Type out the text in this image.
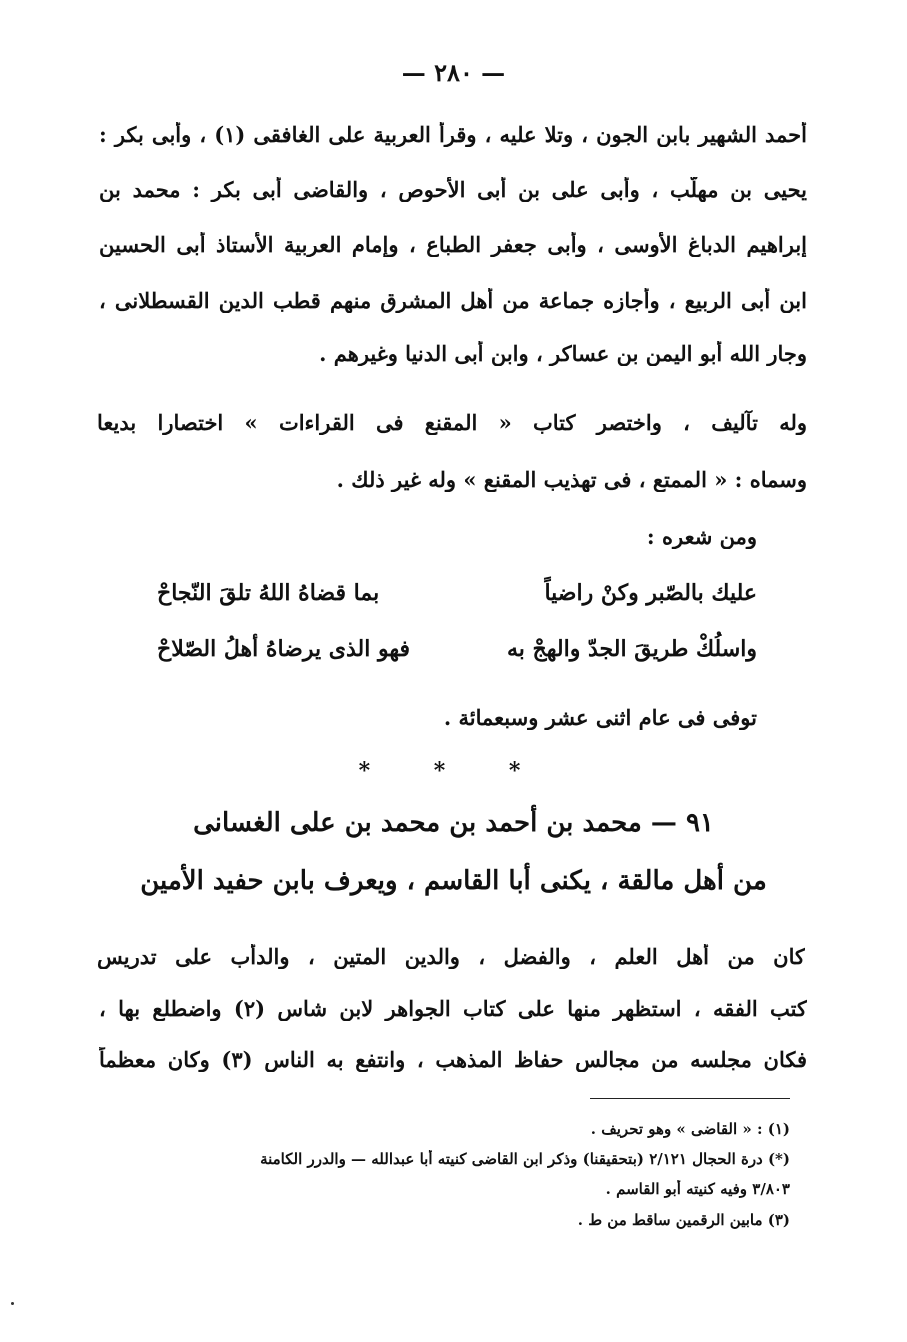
— ٢٨٠ —
أحمد الشهير بابن الجون ، وتلا عليه ، وقرأ العربية على الغافقى (١) ، وأبى بكر :
يحيى بن مهلّب ، وأبى على بن أبى الأحوص ، والقاضى أبى بكر : محمد بن
إبراهيم الدباغ الأوسى ، وأبى جعفر الطباع ، وإمام العربية الأستاذ أبى الحسين
ابن أبى الربيع ، وأجازه جماعة من أهل المشرق منهم قطب الدين القسطلانى ،
وجار الله أبو اليمن بن عساكر ، وابن أبى الدنيا وغيرهم .
وله تآليف ، واختصر كتاب « المقنع فى القراءات » اختصارا بديعا
وسماه : « الممتع ، فى تهذيب المقنع » وله غير ذلك .
ومن شعره :
عليك بالصّبر وكنْ راضياً
بما قضاهُ اللهُ تلقَ النّجاحْ
واسلُكْ طريقَ الجدّ والهجْ به
فهو الذى يرضاهُ أهلُ الصّلاحْ
توفى فى عام اثنى عشر وسبعمائة .
* * *
٩١ — محمد بن أحمد بن محمد بن على الغسانى
من أهل مالقة ، يكنى أبا القاسم ، ويعرف بابن حفيد الأمين
كان من أهل العلم ، والفضل ، والدين المتين ، والدأب على تدريس
كتب الفقه ، استظهر منها على كتاب الجواهر لابن شاس (٢) واضطلع بها ،
فكان مجلسه من مجالس حفاظ المذهب ، وانتفع به الناس (٣) وكان معظماً
(١) : « القاضى » وهو تحريف .
(*) درة الحجال ٢/١٢١ (بتحقيقنا) وذكر ابن القاضى كنيته أبا عبدالله — والدرر الكامنة
٣/٨٠٣ وفيه كنيته أبو القاسم .
(٣) مابين الرقمين ساقط من ط .
